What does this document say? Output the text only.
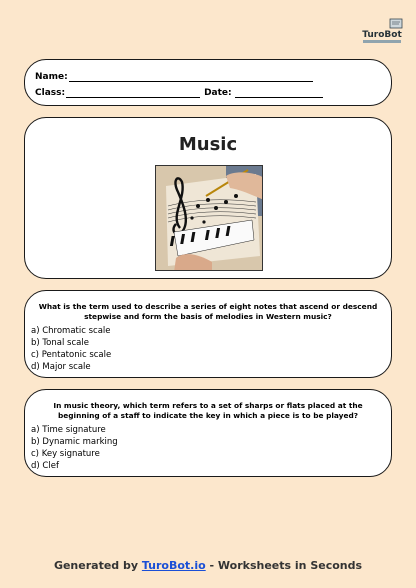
TuroBot
Name:
Class:	Date:
Music
What is the term used to describe a series of eight notes that ascend or descend stepwise and form the basis of melodies in Western music?
a) Chromatic scale
b) Tonal scale
c) Pentatonic scale
d) Major scale
In music theory, which term refers to a set of sharps or flats placed at the beginning of a staff to indicate the key in which a piece is to be played?
a) Time signature
b) Dynamic marking
c) Key signature
d) Clef
Generated by TuroBot.io - Worksheets in Seconds
